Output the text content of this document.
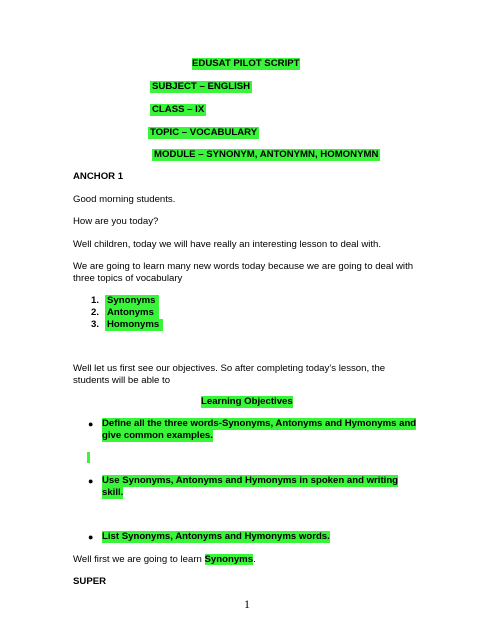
EDUSAT PILOT SCRIPT
SUBJECT – ENGLISH
CLASS – IX
TOPIC – VOCABULARY
MODULE – SYNONYM, ANTONYMN, HOMONYMN
ANCHOR 1
Good morning students.
How are you today?
Well children, today we will have really an interesting lesson to deal with.
We are going to learn many new words today because we are going to deal with
three topics of vocabulary
1. Synonyms
2. Antonyms
3. Homonyms
Well let us first see our objectives. So after completing today’s lesson, the
students will be able to
Learning Objectives
● Define all the three words-Synonyms, Antonyms and Hymonyms and
give common examples.
● Use Synonyms, Antonyms and Hymonyms in spoken and writing
skill.
● List Synonyms, Antonyms and Hymonyms words.
Well first we are going to learn Synonyms.
SUPER
1
